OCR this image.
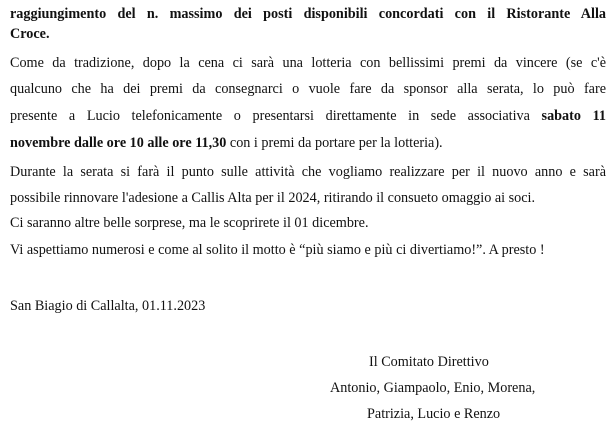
raggiungimento del n. massimo dei posti disponibili concordati con il Ristorante Alla
Croce.
Come da tradizione, dopo la cena ci sarà una lotteria con bellissimi premi da vincere (se c'è
qualcuno che ha dei premi da consegnarci o vuole fare da sponsor alla serata, lo può fare
presente a Lucio telefonicamente o presentarsi direttamente in sede associativa sabato 11
novembre dalle ore 10 alle ore 11,30 con i premi da portare per la lotteria).
Durante la serata si farà il punto sulle attività che vogliamo realizzare per il nuovo anno e sarà
possibile rinnovare l'adesione a Callis Alta per il 2024, ritirando il consueto omaggio ai soci.
Ci saranno altre belle sorprese, ma le scoprirete il 01 dicembre.
Vi aspettiamo numerosi e come al solito il motto è “più siamo e più ci divertiamo!”. A presto !
San Biagio di Callalta, 01.11.2023
Il Comitato Direttivo
Antonio, Giampaolo, Enio, Morena,
Patrizia, Lucio e Renzo
